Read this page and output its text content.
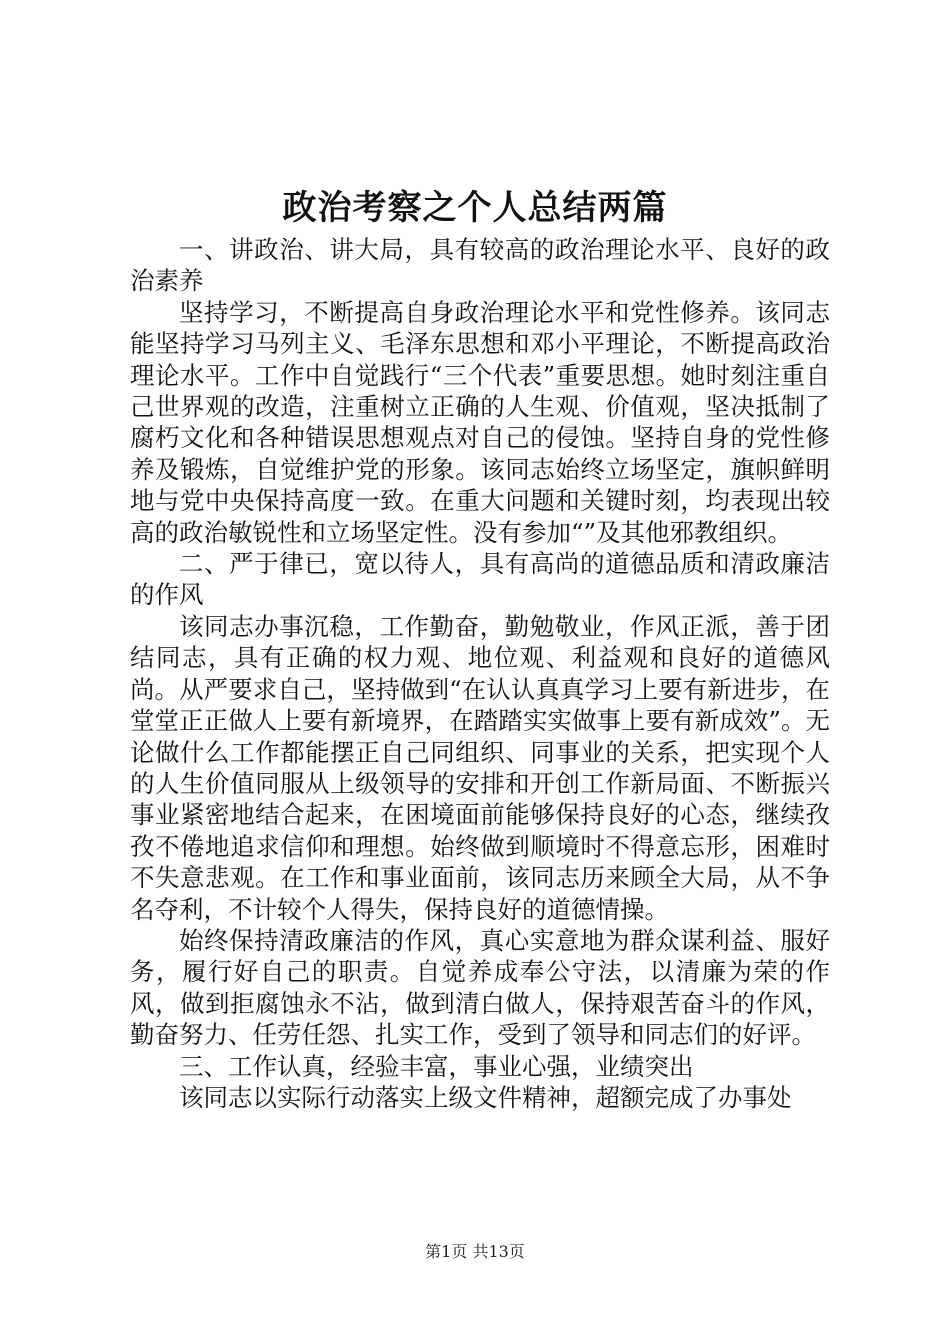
政治考察之个人总结两篇

一、讲政治、讲大局，具有较高的政治理论水平、良好的政治素养

坚持学习，不断提高自身政治理论水平和党性修养。该同志能坚持学习马列主义、毛泽东思想和邓小平理论，不断提高政治理论水平。工作中自觉践行“三个代表”重要思想。她时刻注重自己世界观的改造，注重树立正确的人生观、价值观，坚决抵制了腐朽文化和各种错误思想观点对自己的侵蚀。坚持自身的党性修养及锻炼，自觉维护党的形象。该同志始终立场坚定，旗帜鲜明地与党中央保持高度一致。在重大问题和关键时刻，均表现出较高的政治敏锐性和立场坚定性。没有参加“”及其他邪教组织。

二、严于律已，宽以待人，具有高尚的道德品质和清政廉洁的作风

该同志办事沉稳，工作勤奋，勤勉敬业，作风正派，善于团结同志，具有正确的权力观、地位观、利益观和良好的道德风尚。从严要求自己，坚持做到“在认认真真学习上要有新进步，在堂堂正正做人上要有新境界，在踏踏实实做事上要有新成效”。无论做什么工作都能摆正自己同组织、同事业的关系，把实现个人的人生价值同服从上级领导的安排和开创工作新局面、不断振兴事业紧密地结合起来，在困境面前能够保持良好的心态，继续孜孜不倦地追求信仰和理想。始终做到顺境时不得意忘形，困难时不失意悲观。在工作和事业面前，该同志历来顾全大局，从不争名夺利，不计较个人得失，保持良好的道德情操。

始终保持清政廉洁的作风，真心实意地为群众谋利益、服好务，履行好自己的职责。自觉养成奉公守法，以清廉为荣的作风，做到拒腐蚀永不沾，做到清白做人，保持艰苦奋斗的作风，勤奋努力、任劳任怨、扎实工作，受到了领导和同志们的好评。

三、工作认真，经验丰富，事业心强，业绩突出

该同志以实际行动落实上级文件精神，超额完成了办事处

第1页 共13页
